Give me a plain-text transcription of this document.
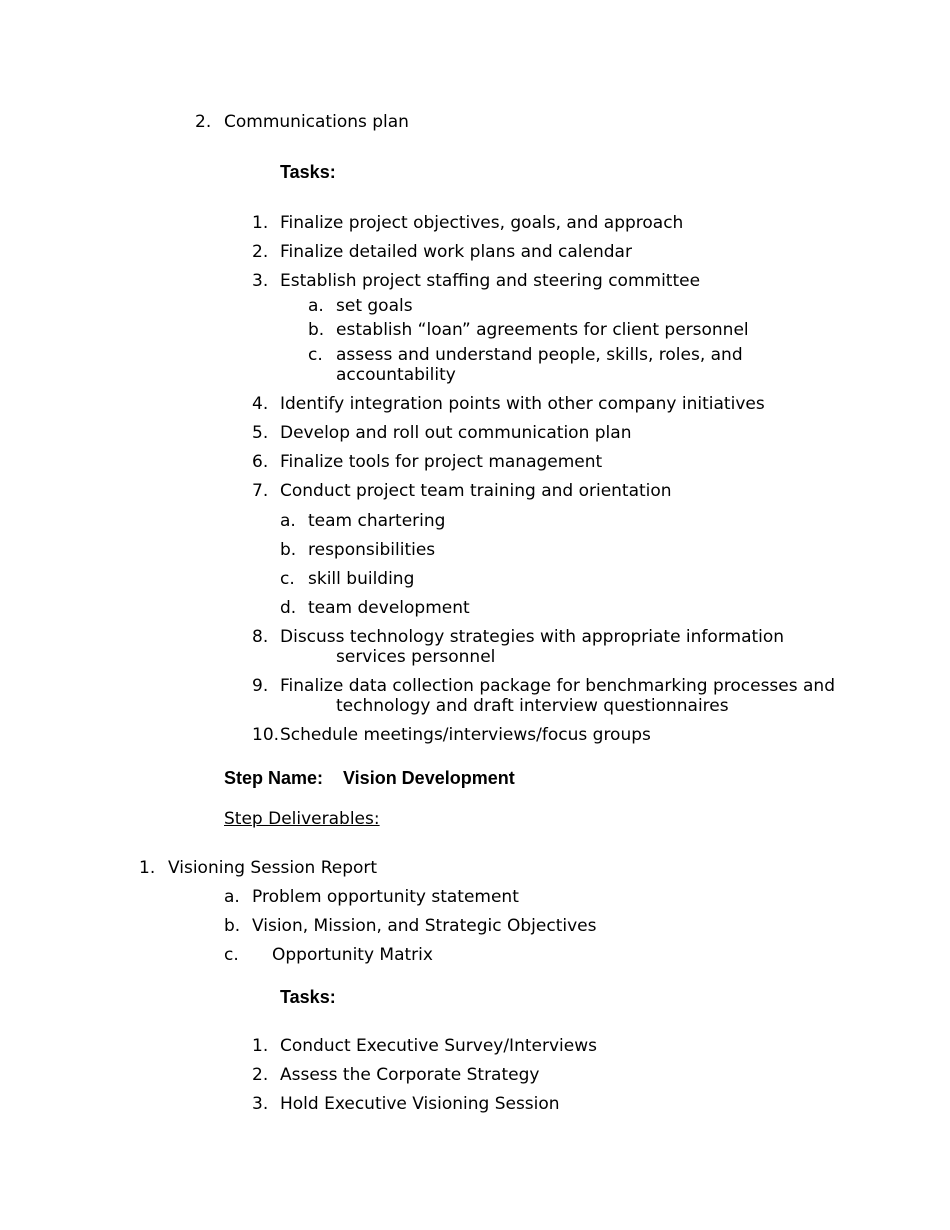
2. Communications plan
Tasks:
1. Finalize project objectives, goals, and approach
2. Finalize detailed work plans and calendar
3. Establish project staffing and steering committee
a. set goals
b. establish “loan” agreements for client personnel
c. assess and understand people, skills, roles, and
accountability
4. Identify integration points with other company initiatives
5. Develop and roll out communication plan
6. Finalize tools for project management
7. Conduct project team training and orientation
a. team chartering
b. responsibilities
c. skill building
d. team development
8. Discuss technology strategies with appropriate information
services personnel
9. Finalize data collection package for benchmarking processes and
technology and draft interview questionnaires
10. Schedule meetings/interviews/focus groups
Step Name: Vision Development
Step Deliverables:
1. Visioning Session Report
a. Problem opportunity statement
b. Vision, Mission, and Strategic Objectives
c. Opportunity Matrix
Tasks:
1. Conduct Executive Survey/Interviews
2. Assess the Corporate Strategy
3. Hold Executive Visioning Session
